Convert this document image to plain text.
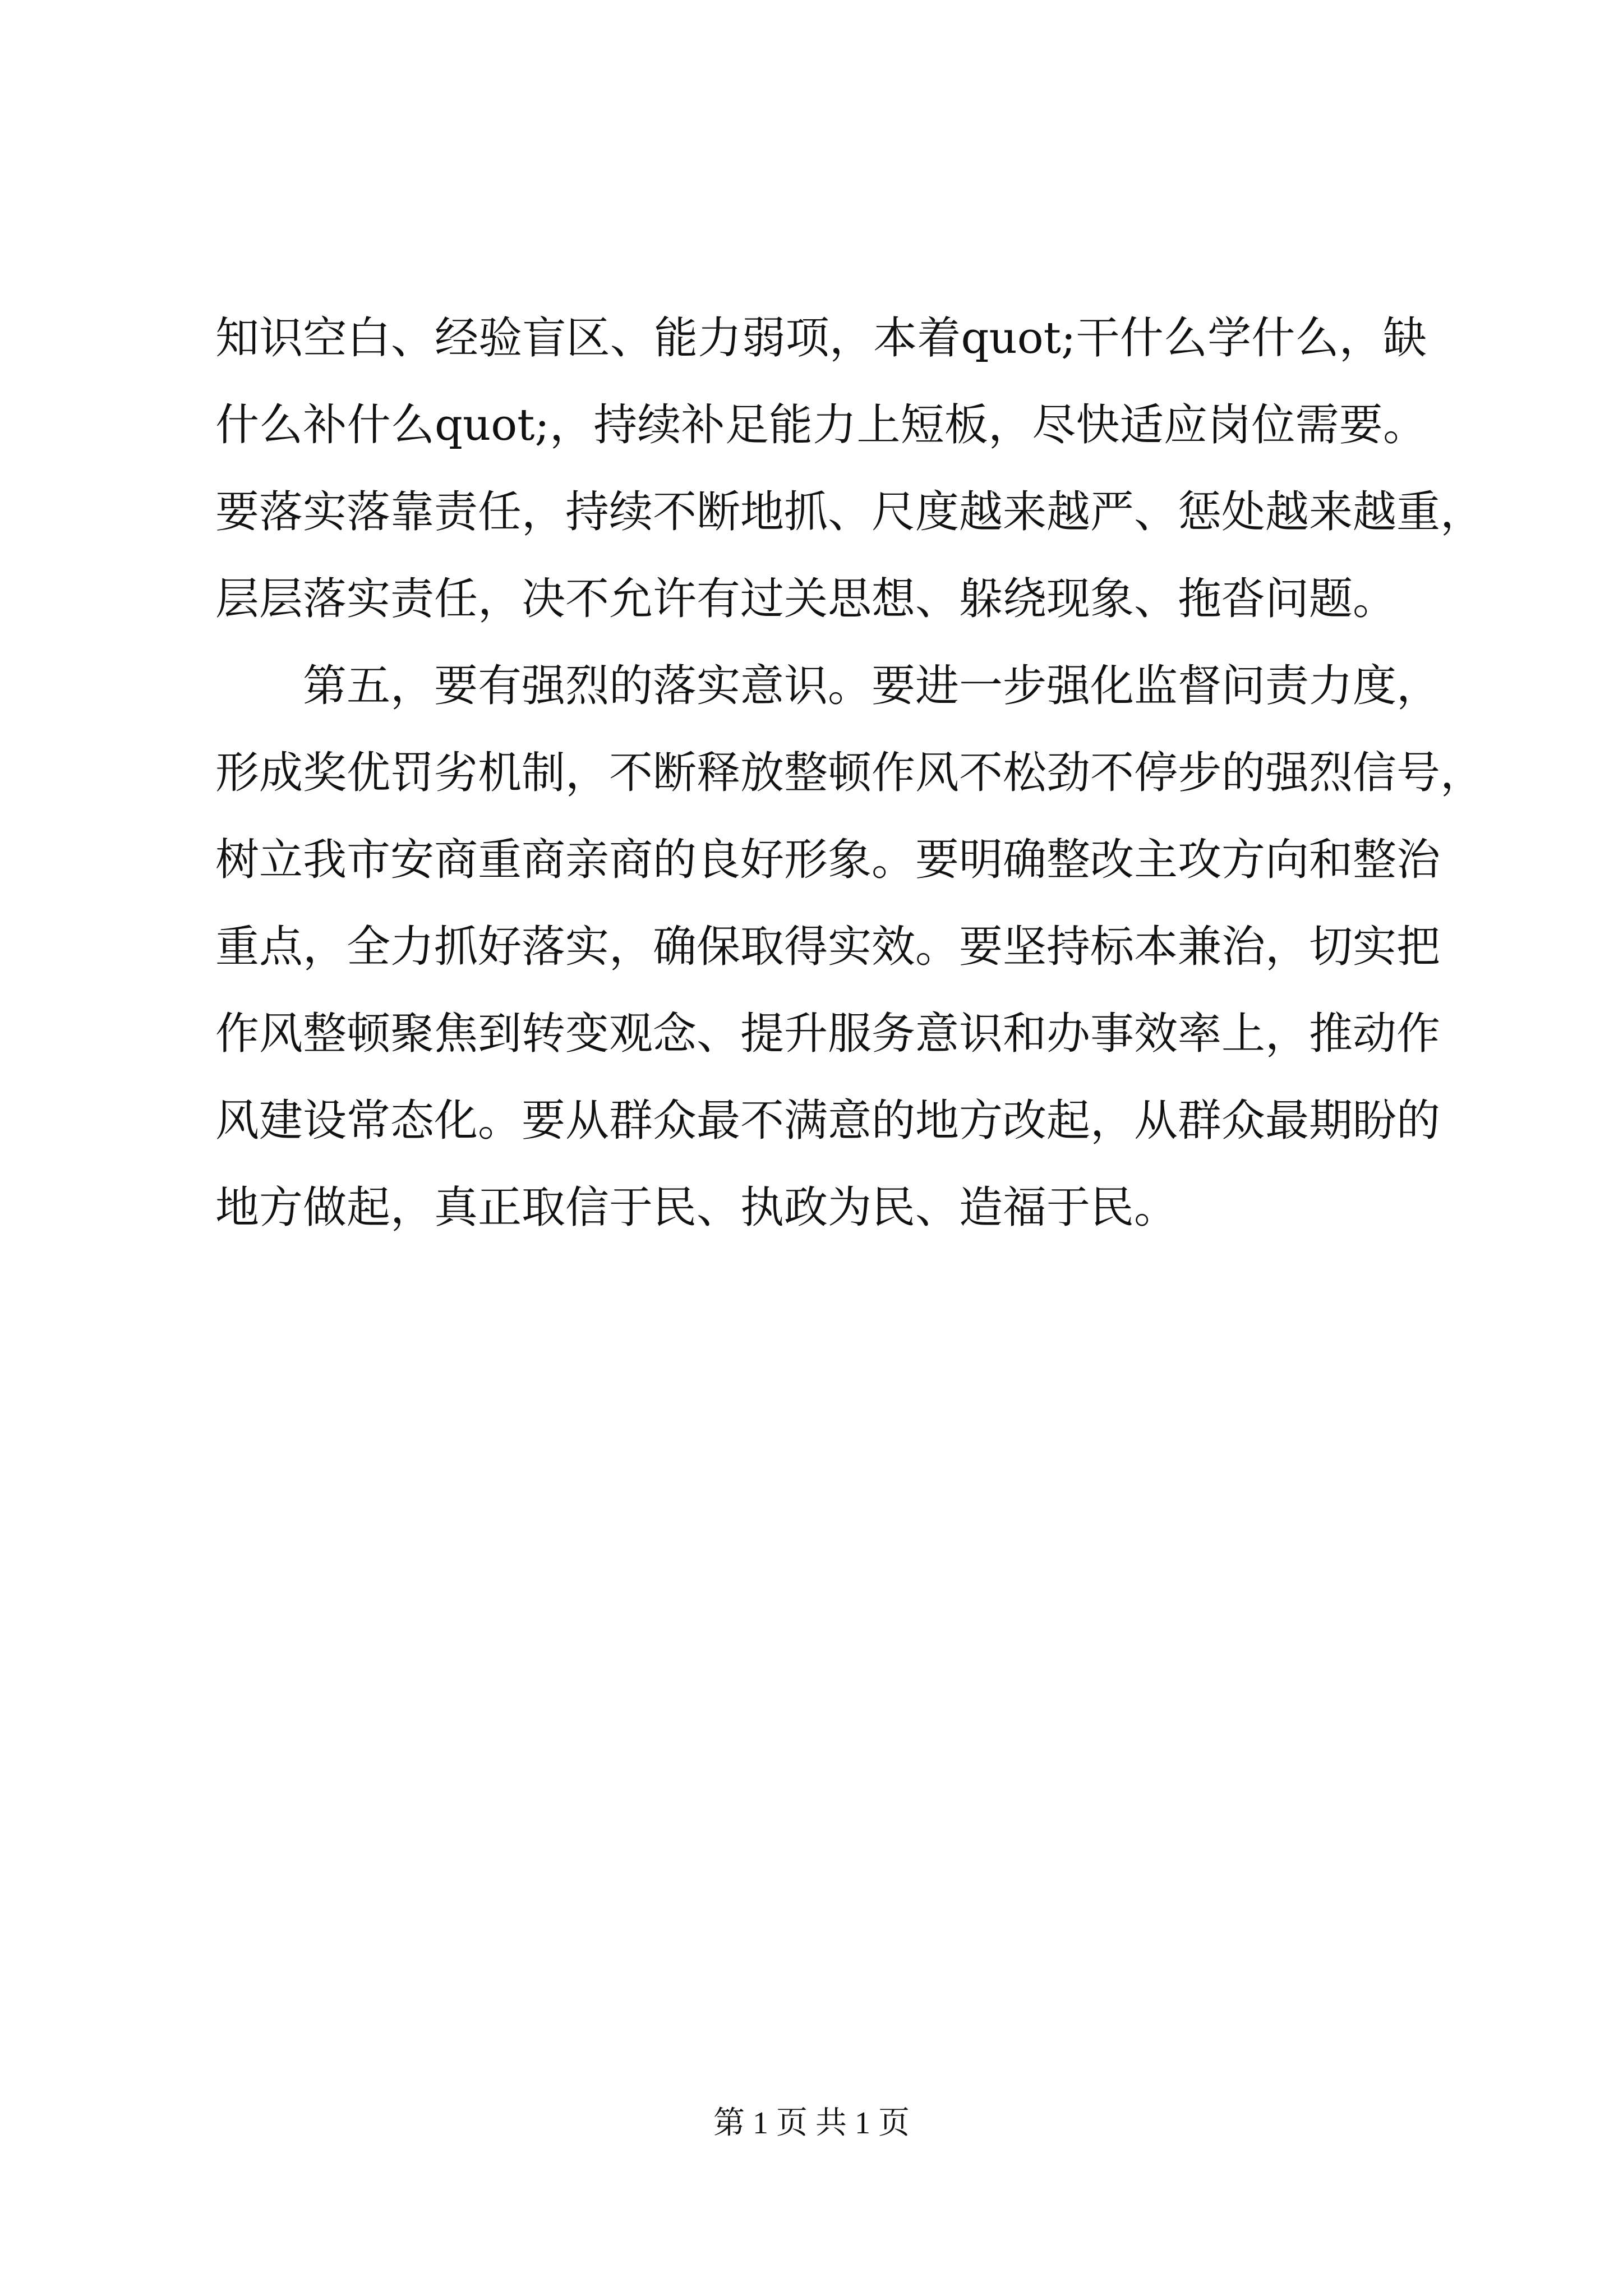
知识空白、经验盲区、能力弱项，本着quot;干什么学什么，缺
什么补什么quot;，持续补足能力上短板，尽快适应岗位需要。
要落实落靠责任，持续不断地抓、尺度越来越严、惩处越来越重，
层层落实责任，决不允许有过关思想、躲绕现象、拖沓问题。
　　第五，要有强烈的落实意识。要进一步强化监督问责力度，
形成奖优罚劣机制，不断释放整顿作风不松劲不停步的强烈信号，
树立我市安商重商亲商的良好形象。要明确整改主攻方向和整治
重点，全力抓好落实，确保取得实效。要坚持标本兼治，切实把
作风整顿聚焦到转变观念、提升服务意识和办事效率上，推动作
风建设常态化。要从群众最不满意的地方改起，从群众最期盼的
地方做起，真正取信于民、执政为民、造福于民。
第 1 页 共 1 页
